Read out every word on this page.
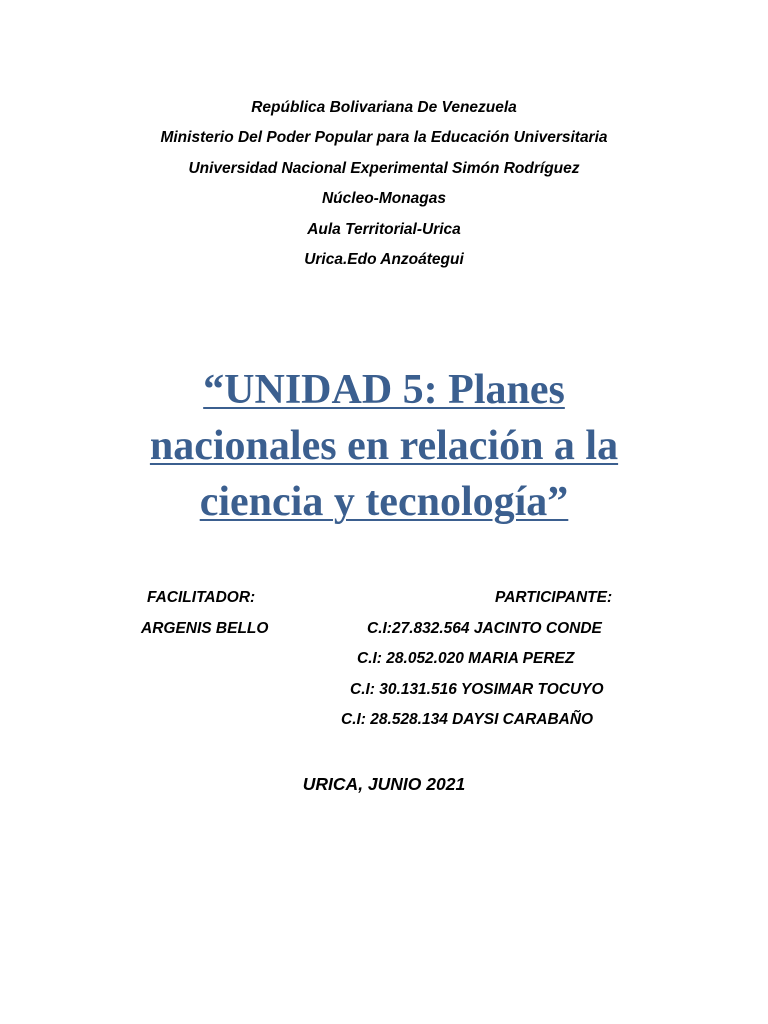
República Bolivariana De Venezuela
Ministerio Del Poder Popular para la Educación Universitaria
Universidad Nacional Experimental Simón Rodríguez
Núcleo-Monagas
Aula Territorial-Urica
Urica.Edo Anzoátegui
“UNIDAD 5: Planes
nacionales en relación a la
ciencia y tecnología”
FACILITADOR:
ARGENIS BELLO
PARTICIPANTE:
C.I:27.832.564 JACINTO CONDE
C.I: 28.052.020 MARIA PEREZ
C.I: 30.131.516 YOSIMAR TOCUYO
C.I: 28.528.134 DAYSI CARABAÑO
URICA, JUNIO 2021
